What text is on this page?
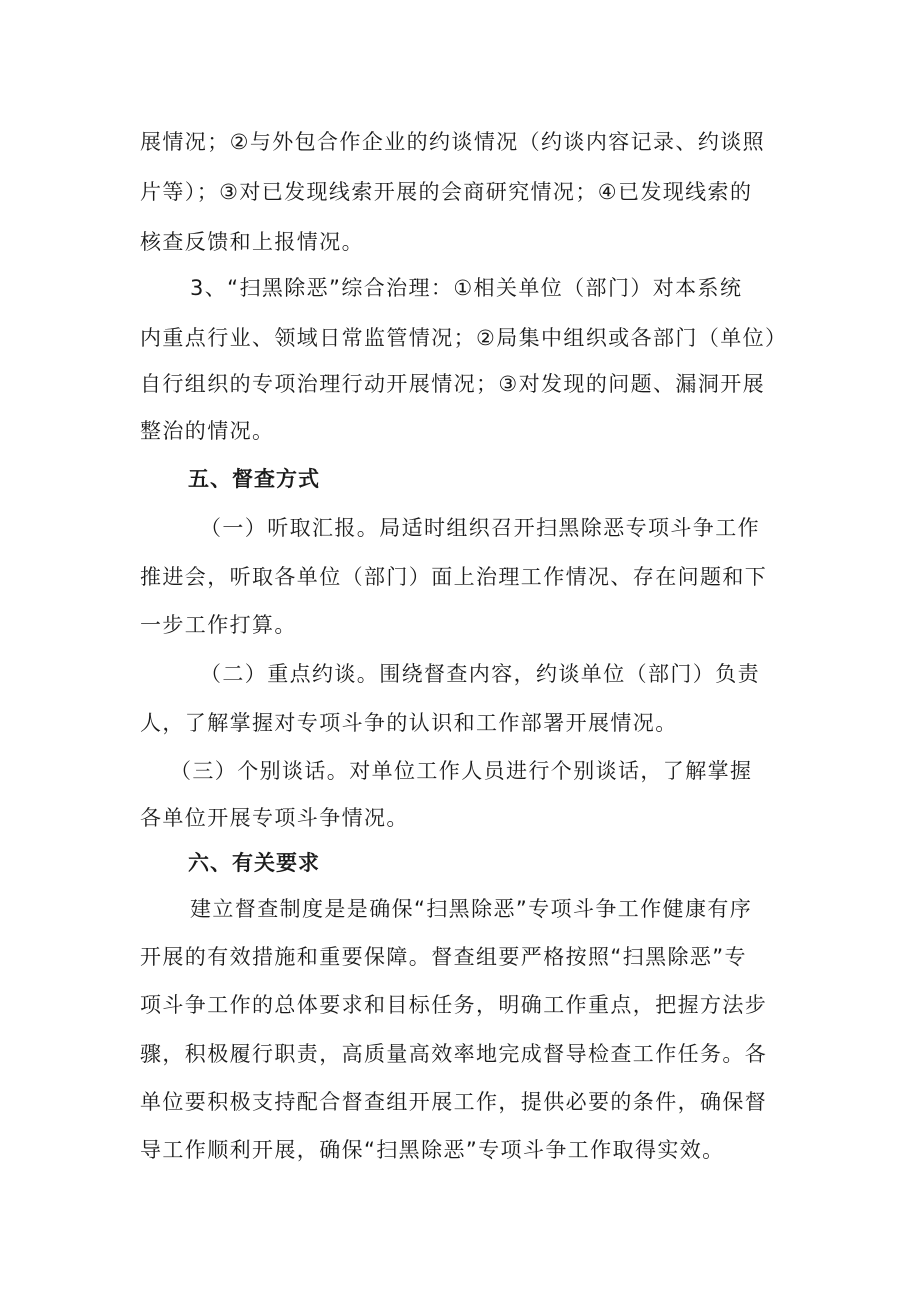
展情况；②与外包合作企业的约谈情况（约谈内容记录、约谈照

片等）；③对已发现线索开展的会商研究情况；④已发现线索的

核查反馈和上报情况。

3、“扫黑除恶”综合治理：①相关单位（部门）对本系统

内重点行业、领域日常监管情况；②局集中组织或各部门（单位）

自行组织的专项治理行动开展情况；③对发现的问题、漏洞开展

整治的情况。

五、督查方式

（一）听取汇报。局适时组织召开扫黑除恶专项斗争工作

推进会，听取各单位（部门）面上治理工作情况、存在问题和下

一步工作打算。

（二）重点约谈。围绕督查内容，约谈单位（部门）负责

人，了解掌握对专项斗争的认识和工作部署开展情况。

（三）个别谈话。对单位工作人员进行个别谈话，了解掌握

各单位开展专项斗争情况。

六、有关要求

建立督查制度是是确保“扫黑除恶”专项斗争工作健康有序

开展的有效措施和重要保障。督查组要严格按照“扫黑除恶”专

项斗争工作的总体要求和目标任务，明确工作重点，把握方法步

骤，积极履行职责，高质量高效率地完成督导检查工作任务。各

单位要积极支持配合督查组开展工作，提供必要的条件，确保督

导工作顺利开展，确保“扫黑除恶”专项斗争工作取得实效。
